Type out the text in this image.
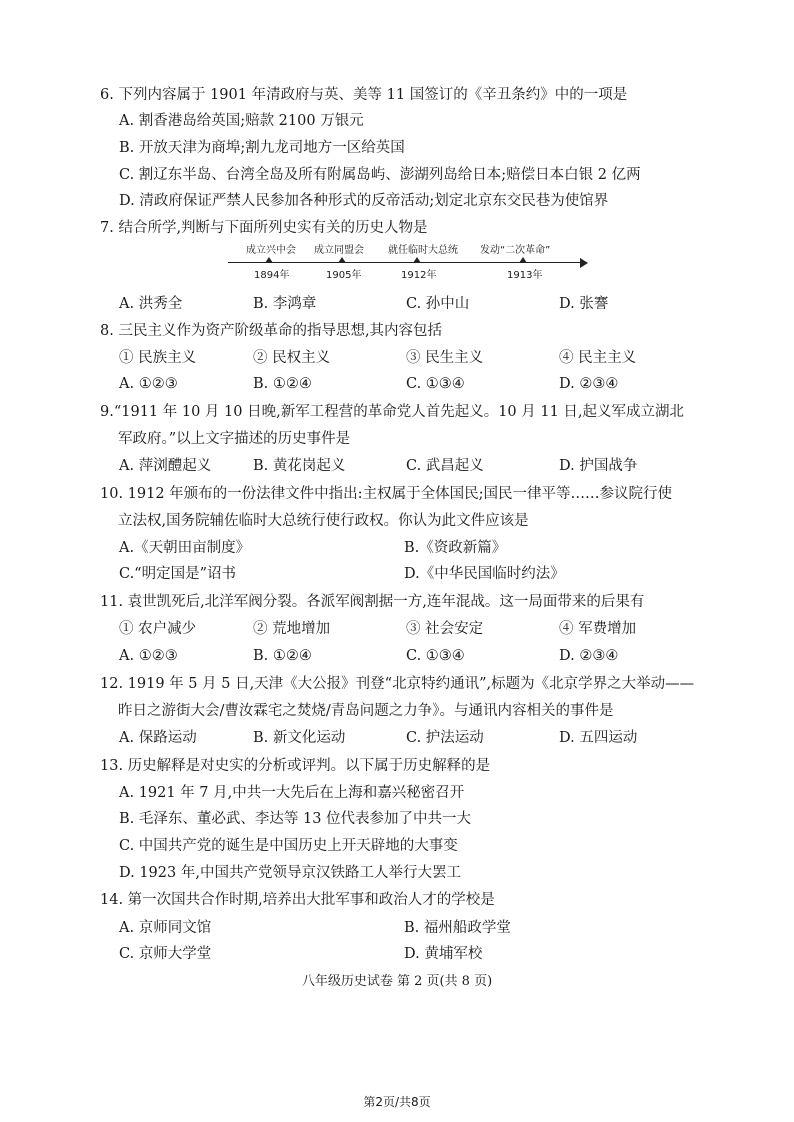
6. 下列内容属于 1901 年清政府与英、美等 11 国签订的《辛丑条约》中的一项是
A. 割香港岛给英国;赔款 2100 万银元
B. 开放天津为商埠;割九龙司地方一区给英国
C. 割辽东半岛、台湾全岛及所有附属岛屿、澎湖列岛给日本;赔偿日本白银 2 亿两
D. 清政府保证严禁人民参加各种形式的反帝活动;划定北京东交民巷为使馆界
7. 结合所学,判断与下面所列史实有关的历史人物是
成立兴中会 成立同盟会 就任临时大总统 发动“二次革命”
1894年	1905年	1912年	1913年
A. 洪秀全	B. 李鸿章	C. 孙中山	D. 张謇
8. 三民主义作为资产阶级革命的指导思想,其内容包括
① 民族主义	② 民权主义	③ 民生主义	④ 民主主义
A. ①②③	B. ①②④	C. ①③④	D. ②③④
9.“1911 年 10 月 10 日晚,新军工程营的革命党人首先起义。10 月 11 日,起义军成立湖北
军政府。”以上文字描述的历史事件是
A. 萍浏醴起义	B. 黄花岗起义	C. 武昌起义	D. 护国战争
10. 1912 年颁布的一份法律文件中指出:主权属于全体国民;国民一律平等……参议院行使
立法权,国务院辅佐临时大总统行使行政权。你认为此文件应该是
A.《天朝田亩制度》	B.《资政新篇》
C.“明定国是”诏书	D.《中华民国临时约法》
11. 袁世凯死后,北洋军阀分裂。各派军阀割据一方,连年混战。这一局面带来的后果有
① 农户减少	② 荒地增加	③ 社会安定	④ 军费增加
A. ①②③	B. ①②④	C. ①③④	D. ②③④
12. 1919 年 5 月 5 日,天津《大公报》刊登“北京特约通讯”,标题为《北京学界之大举动——
昨日之游街大会/曹汝霖宅之焚烧/青岛问题之力争》。与通讯内容相关的事件是
A. 保路运动	B. 新文化运动	C. 护法运动	D. 五四运动
13. 历史解释是对史实的分析或评判。以下属于历史解释的是
A. 1921 年 7 月,中共一大先后在上海和嘉兴秘密召开
B. 毛泽东、董必武、李达等 13 位代表参加了中共一大
C. 中国共产党的诞生是中国历史上开天辟地的大事变
D. 1923 年,中国共产党领导京汉铁路工人举行大罢工
14. 第一次国共合作时期,培养出大批军事和政治人才的学校是
A. 京师同文馆	B. 福州船政学堂
C. 京师大学堂	D. 黄埔军校
八年级历史试卷 第 2 页(共 8 页)
第2页/共8页
